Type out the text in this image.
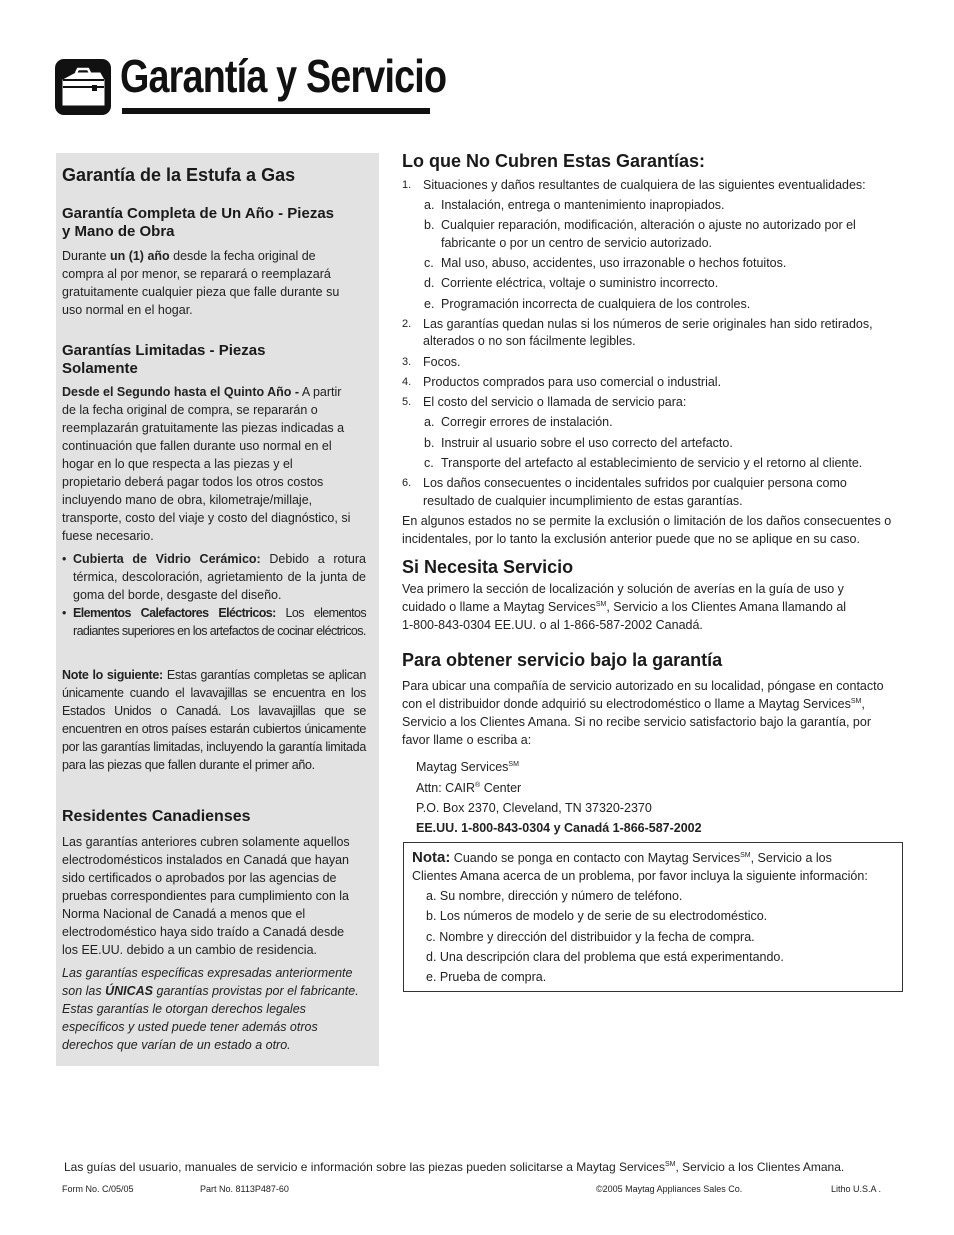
Garantía y Servicio
Garantía de la Estufa a Gas
Garantía Completa de Un Año - Piezas
y Mano de Obra
Durante un (1) año desde la fecha original de
compra al por menor, se reparará o reemplazará
gratuitamente cualquier pieza que falle durante su
uso normal en el hogar.
Garantías Limitadas - Piezas
Solamente
Desde el Segundo hasta el Quinto Año - A partir
de la fecha original de compra, se repararán o
reemplazarán gratuitamente las piezas indicadas a
continuación que fallen durante uso normal en el
hogar en lo que respecta a las piezas y el
propietario deberá pagar todos los otros costos
incluyendo mano de obra, kilometraje/millaje,
transporte, costo del viaje y costo del diagnóstico, si
fuese necesario.
• Cubierta de Vidrio Cerámico: Debido a rotura térmica, descoloración, agrietamiento de la junta de goma del borde, desgaste del diseño.
• Elementos Calefactores Eléctricos: Los elementos radiantes superiores en los artefactos de cocinar eléctricos.
Note lo siguiente: Estas garantías completas se aplican únicamente cuando el lavavajillas se encuentra en los Estados Unidos o Canadá. Los lavavajillas que se encuentren en otros países estarán cubiertos únicamente por las garantías limitadas, incluyendo la garantía limitada para las piezas que fallen durante el primer año.
Residentes Canadienses
Las garantías anteriores cubren solamente aquellos
electrodomésticos instalados en Canadá que hayan
sido certificados o aprobados por las agencias de
pruebas correspondientes para cumplimiento con la
Norma Nacional de Canadá a menos que el
electrodoméstico haya sido traído a Canadá desde
los EE.UU. debido a un cambio de residencia.
Las garantías específicas expresadas anteriormente
son las ÚNICAS garantías provistas por el fabricante.
Estas garantías le otorgan derechos legales
específicos y usted puede tener además otros
derechos que varían de un estado a otro.
Lo que No Cubren Estas Garantías:
1. Situaciones y daños resultantes de cualquiera de las siguientes eventualidades:
a. Instalación, entrega o mantenimiento inapropiados.
b. Cualquier reparación, modificación, alteración o ajuste no autorizado por el
fabricante o por un centro de servicio autorizado.
c. Mal uso, abuso, accidentes, uso irrazonable o hechos fotuitos.
d. Corriente eléctrica, voltaje o suministro incorrecto.
e. Programación incorrecta de cualquiera de los controles.
2. Las garantías quedan nulas si los números de serie originales han sido retirados,
alterados o no son fácilmente legibles.
3. Focos.
4. Productos comprados para uso comercial o industrial.
5. El costo del servicio o llamada de servicio para:
a. Corregir errores de instalación.
b. Instruir al usuario sobre el uso correcto del artefacto.
c. Transporte del artefacto al establecimiento de servicio y el retorno al cliente.
6. Los daños consecuentes o incidentales sufridos por cualquier persona como
resultado de cualquier incumplimiento de estas garantías.
En algunos estados no se permite la exclusión o limitación de los daños consecuentes o
incidentales, por lo tanto la exclusión anterior puede que no se aplique en su caso.
Si Necesita Servicio
Vea primero la sección de localización y solución de averías en la guía de uso y
cuidado o llame a Maytag Services℠, Servicio a los Clientes Amana llamando al
1-800-843-0304 EE.UU. o al 1-866-587-2002 Canadá.
Para obtener servicio bajo la garantía
Para ubicar una compañía de servicio autorizado en su localidad, póngase en contacto
con el distribuidor donde adquirió su electrodoméstico o llame a Maytag Services℠,
Servicio a los Clientes Amana. Si no recibe servicio satisfactorio bajo la garantía, por
favor llame o escriba a:
Maytag Services℠
Attn: CAIR® Center
P.O. Box 2370, Cleveland, TN 37320-2370
EE.UU. 1-800-843-0304 y Canadá 1-866-587-2002
Nota: Cuando se ponga en contacto con Maytag Services℠, Servicio a los
Clientes Amana acerca de un problema, por favor incluya la siguiente información:
a. Su nombre, dirección y número de teléfono.
b. Los números de modelo y de serie de su electrodoméstico.
c. Nombre y dirección del distribuidor y la fecha de compra.
d. Una descripción clara del problema que está experimentando.
e. Prueba de compra.
Las guías del usuario, manuales de servicio e información sobre las piezas pueden solicitarse a Maytag Services℠, Servicio a los Clientes Amana.
Form No. C/05/05	Part No. 8113P487-60	©2005 Maytag Appliances Sales Co.	Litho U.S.A .
